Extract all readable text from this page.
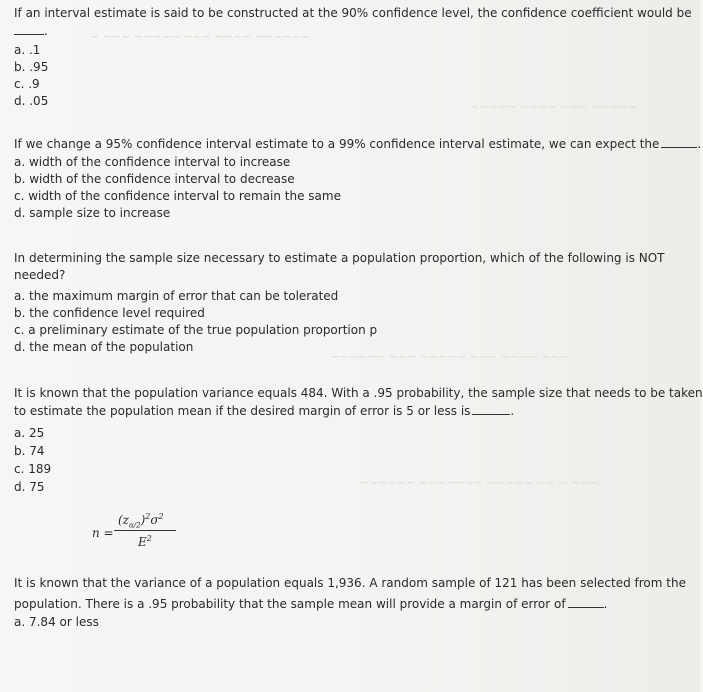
~ ~~~ ~~~~~ ~~~ ~~~~ ~~~~~~
~~~~~ ~~~~ ~~~ ~~~~~
~~~~~~ ~~~ ~~~~~ ~~~ ~~~~ ~~~
~~~~~~ ~~~~~~~ ~~~~~ ~~ ~ ~~~
If an interval estimate is said to be constructed at the 90% confidence level, the confidence coefficient would be
.
a. .1
b. .95
c. .9
d. .05
If we change a 95% confidence interval estimate to a 99% confidence interval estimate, we can expect the	.
a. width of the confidence interval to increase
b. width of the confidence interval to decrease
c. width of the confidence interval to remain the same
d. sample size to increase
In determining the sample size necessary to estimate a population proportion, which of the following is NOT
needed?
a. the maximum margin of error that can be tolerated
b. the confidence level required
c. a preliminary estimate of the true population proportion p
d. the mean of the population
It is known that the population variance equals 484. With a .95 probability, the sample size that needs to be taken
to estimate the population mean if the desired margin of error is 5 or less is	.
a. 25
b. 74
c. 189
d. 75
n =
$(z_{\alpha/2})^2\sigma^2$
$E^2$
It is known that the variance of a population equals 1,936. A random sample of 121 has been selected from the
population. There is a .95 probability that the sample mean will provide a margin of error of	.
a. 7.84 or less
